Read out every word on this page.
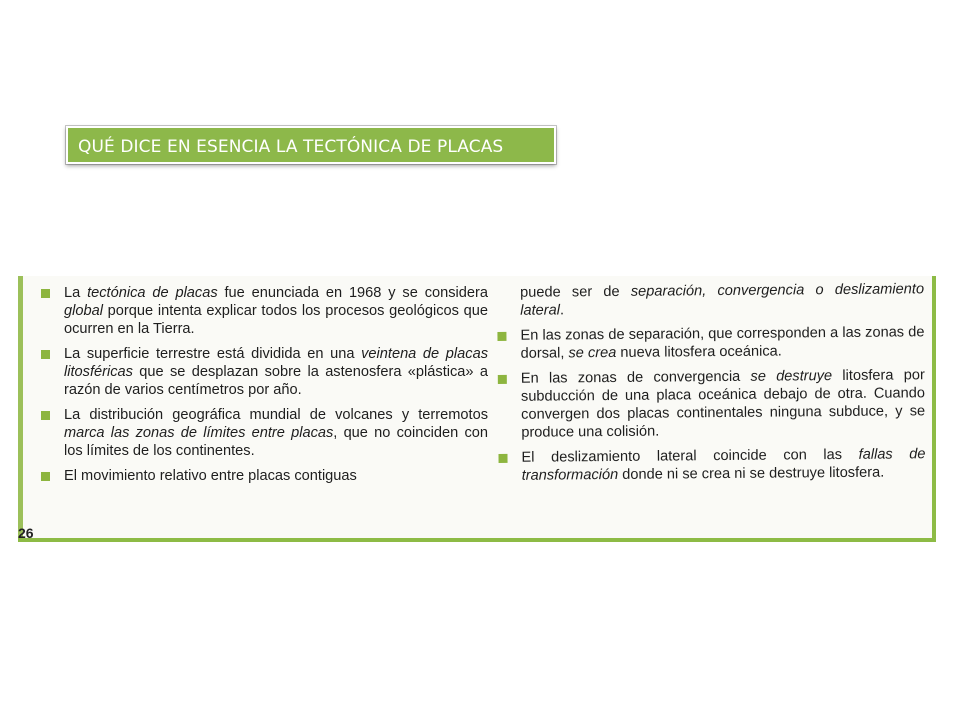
QUÉ DICE EN ESENCIA LA TECTÓNICA DE PLACAS
26

La tectónica de placas fue enunciada en 1968 y se considera global porque intenta explicar todos los procesos geológicos que ocurren en la Tierra.

La superficie terrestre está dividida en una veintena de placas litosféricas que se desplazan sobre la astenosfera «plástica» a razón de varios centímetros por año.

La distribución geográfica mundial de volcanes y terremotos marca las zonas de límites entre placas, que no coinciden con los límites de los continentes.

El movimiento relativo entre placas contiguas

puede ser de separación, convergencia o deslizamiento lateral.

En las zonas de separación, que corresponden a las zonas de dorsal, se crea nueva litosfera oceánica.

En las zonas de convergencia se destruye litosfera por subducción de una placa oceánica debajo de otra. Cuando convergen dos placas continentales ninguna subduce, y se produce una colisión.

El deslizamiento lateral coincide con las fallas de transformación donde ni se crea ni se destruye litosfera.
